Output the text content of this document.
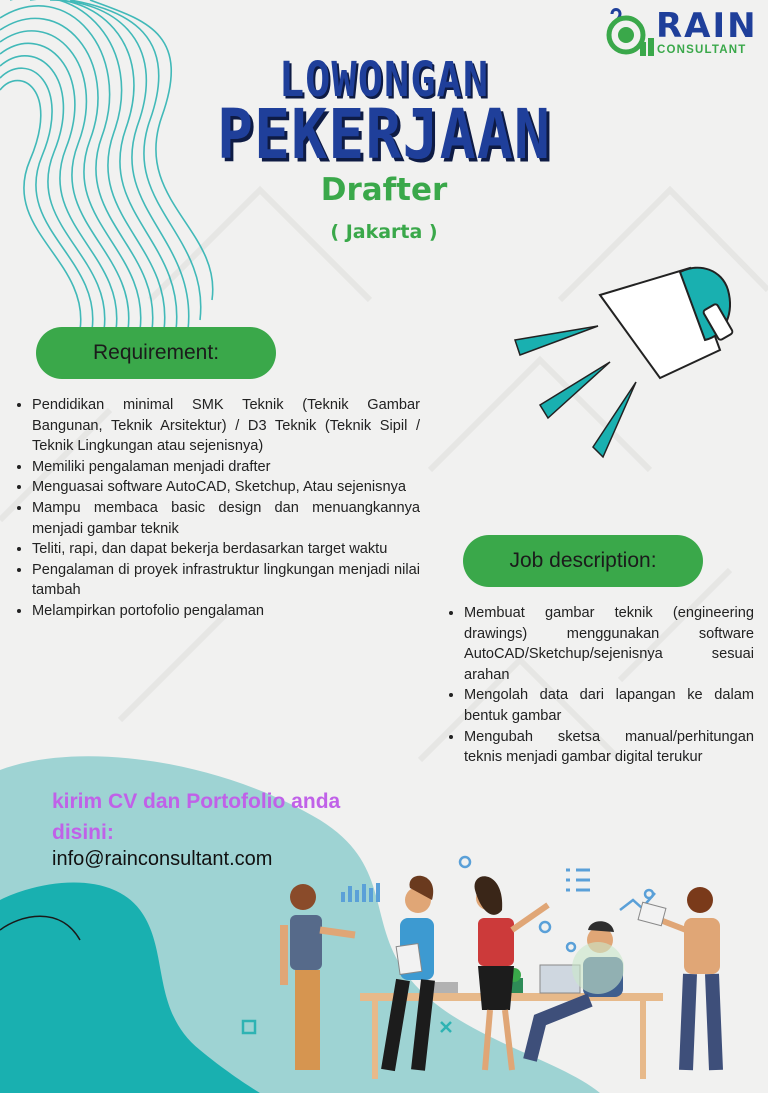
RAIN
CONSULTANT
LOWONGAN
PEKERJAAN
Drafter
( Jakarta )
Requirement:
• Pendidikan minimal SMK Teknik (Teknik Gambar Bangunan, Teknik Arsitektur) / D3 Teknik (Teknik Sipil / Teknik Lingkungan atau sejenisnya)
• Memiliki pengalaman menjadi drafter
• Menguasai software AutoCAD, Sketchup, Atau sejenisnya
• Mampu membaca basic design dan menuangkannya menjadi gambar teknik
• Teliti, rapi, dan dapat bekerja berdasarkan target waktu
• Pengalaman di proyek infrastruktur lingkungan menjadi nilai tambah
• Melampirkan portofolio pengalaman
Job description:
• Membuat gambar teknik (engineering drawings) menggunakan software AutoCAD/Sketchup/sejenisnya sesuai arahan
• Mengolah data dari lapangan ke dalam bentuk gambar
• Mengubah sketsa manual/perhitungan teknis menjadi gambar digital terukur
kirim CV dan Portofolio anda disini:
info@rainconsultant.com
